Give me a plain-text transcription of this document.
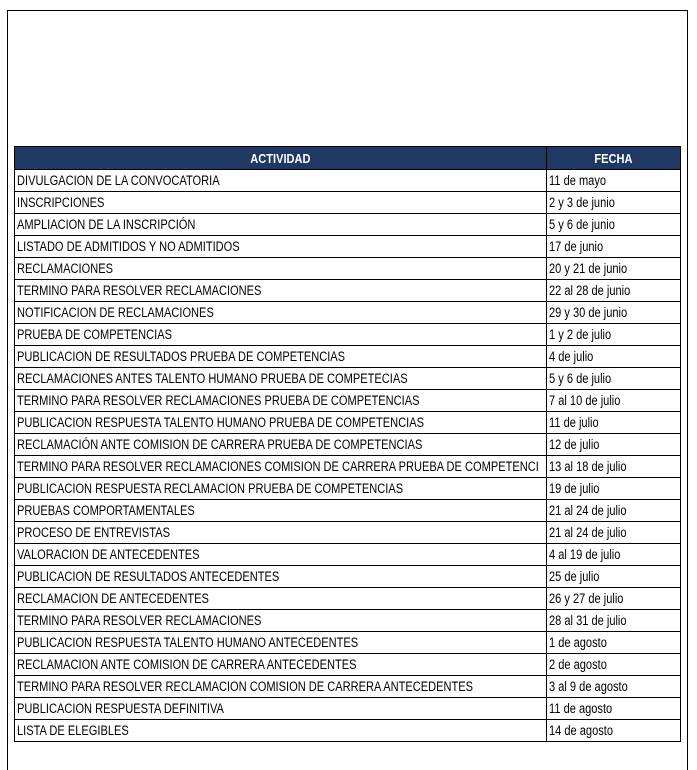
ACTIVIDAD	FECHA
DIVULGACION DE LA CONVOCATORIA	11 de mayo
INSCRIPCIONES	2 y 3 de junio
AMPLIACION DE LA INSCRIPCIÓN	5 y 6 de junio
LISTADO DE ADMITIDOS Y NO ADMITIDOS	17 de junio
RECLAMACIONES	20 y 21 de junio
TERMINO PARA RESOLVER RECLAMACIONES	22 al 28 de junio
NOTIFICACION DE RECLAMACIONES	29 y 30 de junio
PRUEBA DE COMPETENCIAS	1 y 2 de julio
PUBLICACION DE RESULTADOS PRUEBA DE COMPETENCIAS	4 de julio
RECLAMACIONES ANTES TALENTO HUMANO PRUEBA DE COMPETECIAS	5 y 6 de julio
TERMINO PARA RESOLVER RECLAMACIONES PRUEBA DE COMPETENCIAS	7 al 10 de julio
PUBLICACION RESPUESTA TALENTO HUMANO PRUEBA DE COMPETENCIAS	11 de julio
RECLAMACIÓN ANTE COMISION DE CARRERA PRUEBA DE COMPETENCIAS	12 de julio
TERMINO PARA RESOLVER RECLAMACIONES COMISION DE CARRERA PRUEBA DE COMPETENCI	13 al 18 de julio
PUBLICACION RESPUESTA RECLAMACION PRUEBA DE COMPETENCIAS	19 de julio
PRUEBAS COMPORTAMENTALES	21 al 24 de julio
PROCESO DE ENTREVISTAS	21 al 24 de julio
VALORACION DE ANTECEDENTES	4 al 19 de julio
PUBLICACION DE RESULTADOS ANTECEDENTES	25 de julio
RECLAMACION DE ANTECEDENTES	26 y 27 de julio
TERMINO PARA RESOLVER RECLAMACIONES	28 al 31 de julio
PUBLICACION RESPUESTA TALENTO HUMANO ANTECEDENTES	1 de agosto
RECLAMACION ANTE COMISION DE CARRERA ANTECEDENTES	2 de agosto
TERMINO PARA RESOLVER RECLAMACION COMISION DE CARRERA ANTECEDENTES	3 al 9 de agosto
PUBLICACION RESPUESTA DEFINITIVA	11 de agosto
LISTA DE ELEGIBLES	14 de agosto
